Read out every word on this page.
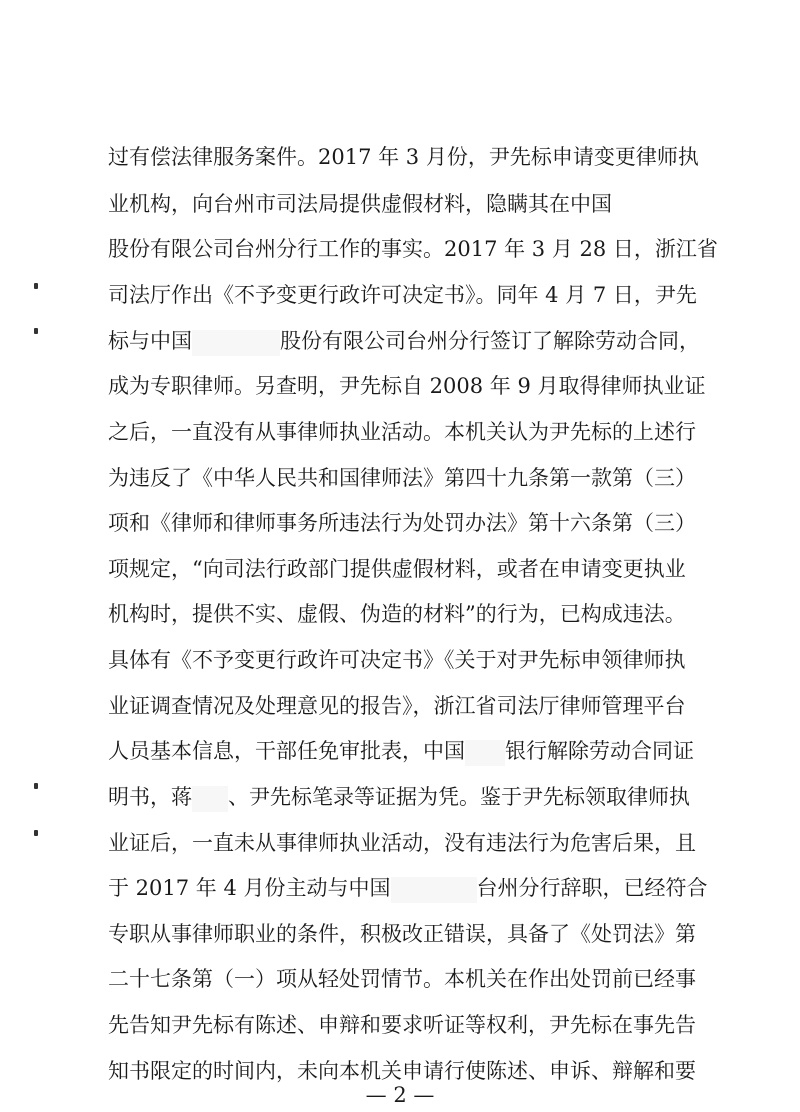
过有偿法律服务案件。2017 年 3 月份，尹先标申请变更律师执
业机构，向台州市司法局提供虚假材料，隐瞒其在中国
股份有限公司台州分行工作的事实。2017 年 3 月 28 日，浙江省
司法厅作出《不予变更行政许可决定书》。同年 4 月 7 日，尹先
标与中国	股份有限公司台州分行签订了解除劳动合同，
成为专职律师。另查明，尹先标自 2008 年 9 月取得律师执业证
之后，一直没有从事律师执业活动。本机关认为尹先标的上述行
为违反了《中华人民共和国律师法》第四十九条第一款第（三）
项和《律师和律师事务所违法行为处罚办法》第十六条第（三）
项规定，“向司法行政部门提供虚假材料，或者在申请变更执业
机构时，提供不实、虚假、伪造的材料”的行为，已构成违法。
具体有《不予变更行政许可决定书》《关于对尹先标申领律师执
业证调查情况及处理意见的报告》，浙江省司法厅律师管理平台
人员基本信息，干部任免审批表，中国 银行解除劳动合同证
明书，蒋 、尹先标笔录等证据为凭。鉴于尹先标领取律师执
业证后，一直未从事律师执业活动，没有违法行为危害后果，且
于 2017 年 4 月份主动与中国	台州分行辞职，已经符合
专职从事律师职业的条件，积极改正错误，具备了《处罚法》第
二十七条第（一）项从轻处罚情节。本机关在作出处罚前已经事
先告知尹先标有陈述、申辩和要求听证等权利，尹先标在事先告
知书限定的时间内，未向本机关申请行使陈述、申诉、辩解和要
— 2 —
